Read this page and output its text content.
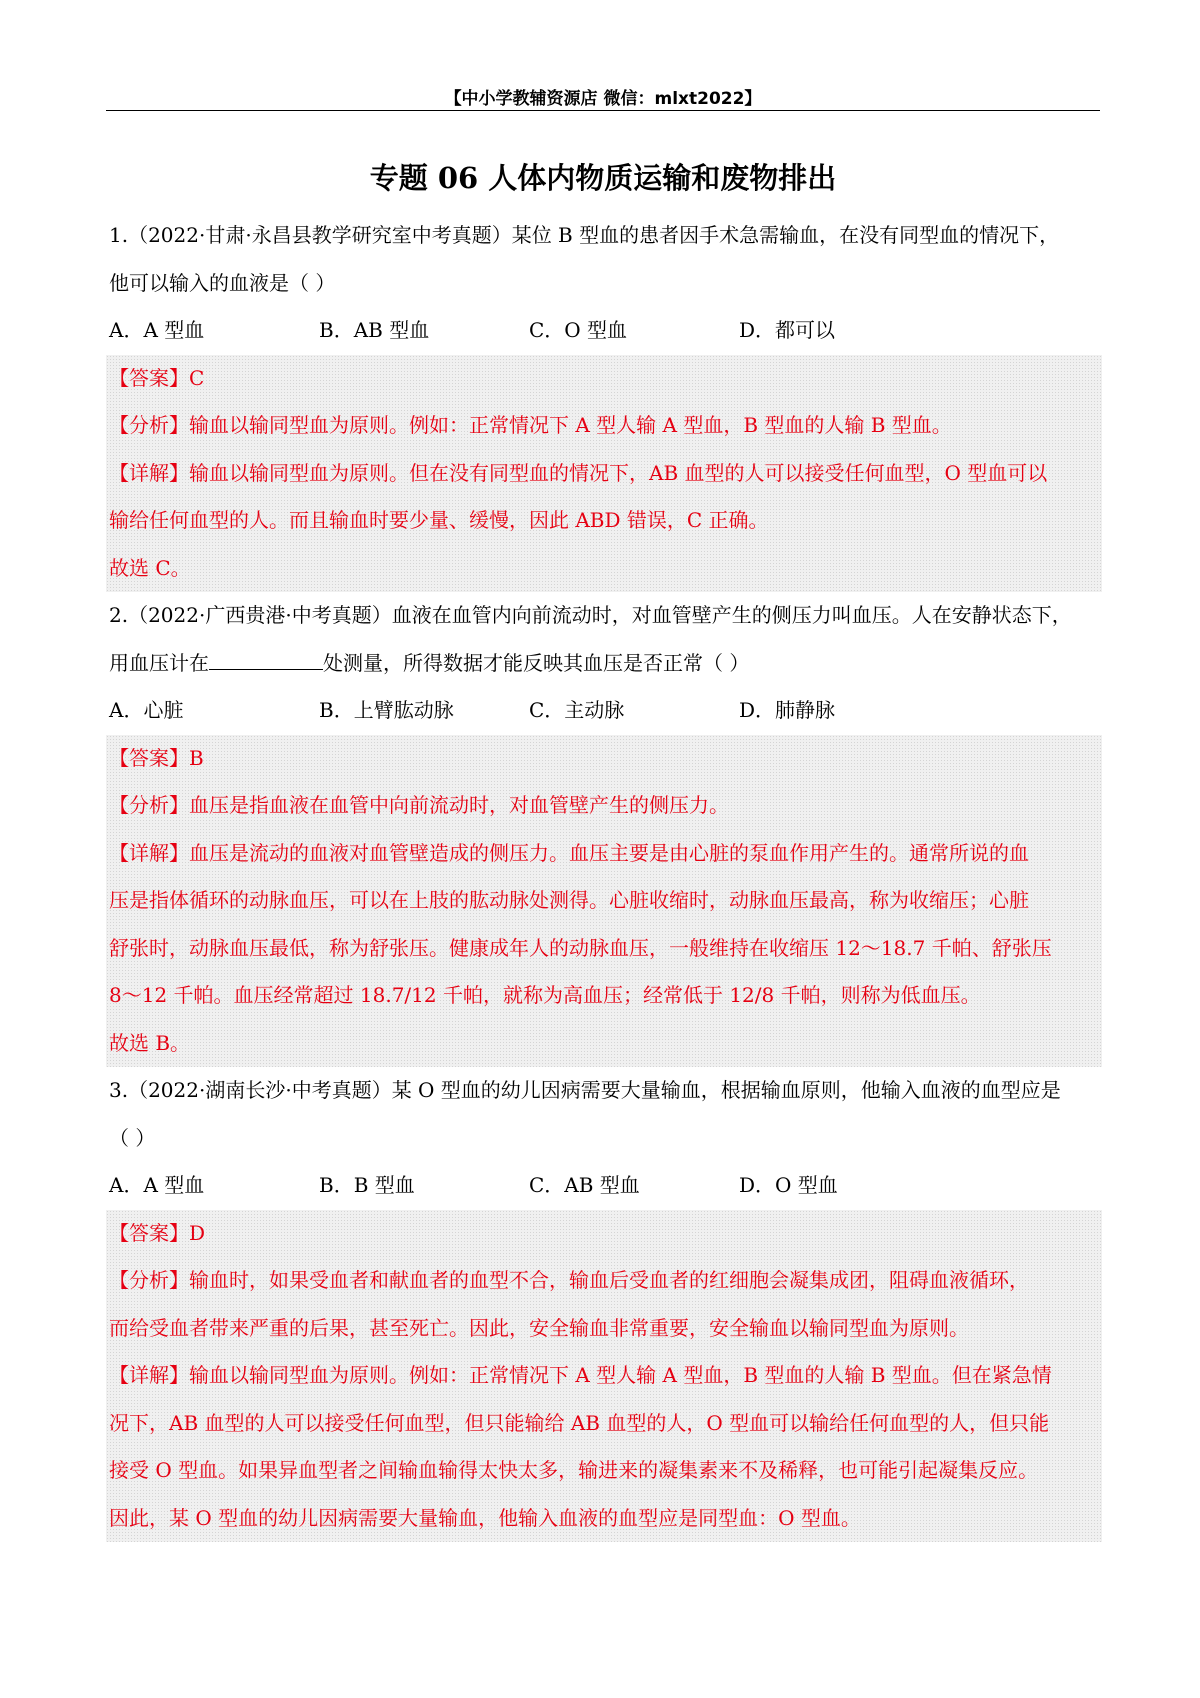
【中小学教辅资源店 微信：mlxt2022】
专题 06 人体内物质运输和废物排出
1.（2022·甘肃·永昌县教学研究室中考真题）某位 B 型血的患者因手术急需输血，在没有同型血的情况下，
他可以输入的血液是（ ）
A．A 型血	B．AB 型血	C．O 型血	D．都可以
【答案】C
【分析】输血以输同型血为原则。例如：正常情况下 A 型人输 A 型血，B 型血的人输 B 型血。
【详解】输血以输同型血为原则。但在没有同型血的情况下，AB 血型的人可以接受任何血型，O 型血可以
输给任何血型的人。而且输血时要少量、缓慢，因此 ABD 错误，C 正确。
故选 C。
2.（2022·广西贵港·中考真题）血液在血管内向前流动时，对血管壁产生的侧压力叫血压。人在安静状态下，
用血压计在	处测量，所得数据才能反映其血压是否正常（ ）
A．心脏	B．上臂肱动脉	C．主动脉	D．肺静脉
【答案】B
【分析】血压是指血液在血管中向前流动时，对血管壁产生的侧压力。
【详解】血压是流动的血液对血管壁造成的侧压力。血压主要是由心脏的泵血作用产生的。通常所说的血
压是指体循环的动脉血压，可以在上肢的肱动脉处测得。心脏收缩时，动脉血压最高，称为收缩压；心脏
舒张时，动脉血压最低，称为舒张压。健康成年人的动脉血压，一般维持在收缩压 12～18.7 千帕、舒张压
8～12 千帕。血压经常超过 18.7/12 千帕，就称为高血压；经常低于 12/8 千帕，则称为低血压。
故选 B。
3.（2022·湖南长沙·中考真题）某 O 型血的幼儿因病需要大量输血，根据输血原则，他输入血液的血型应是
（ ）
A．A 型血	B．B 型血	C．AB 型血	D．O 型血
【答案】D
【分析】输血时，如果受血者和献血者的血型不合，输血后受血者的红细胞会凝集成团，阻碍血液循环，
而给受血者带来严重的后果，甚至死亡。因此，安全输血非常重要，安全输血以输同型血为原则。
【详解】输血以输同型血为原则。例如：正常情况下 A 型人输 A 型血，B 型血的人输 B 型血。但在紧急情
况下，AB 血型的人可以接受任何血型，但只能输给 AB 血型的人，O 型血可以输给任何血型的人，但只能
接受 O 型血。如果异血型者之间输血输得太快太多，输进来的凝集素来不及稀释，也可能引起凝集反应。
因此，某 O 型血的幼儿因病需要大量输血，他输入血液的血型应是同型血：O 型血。
